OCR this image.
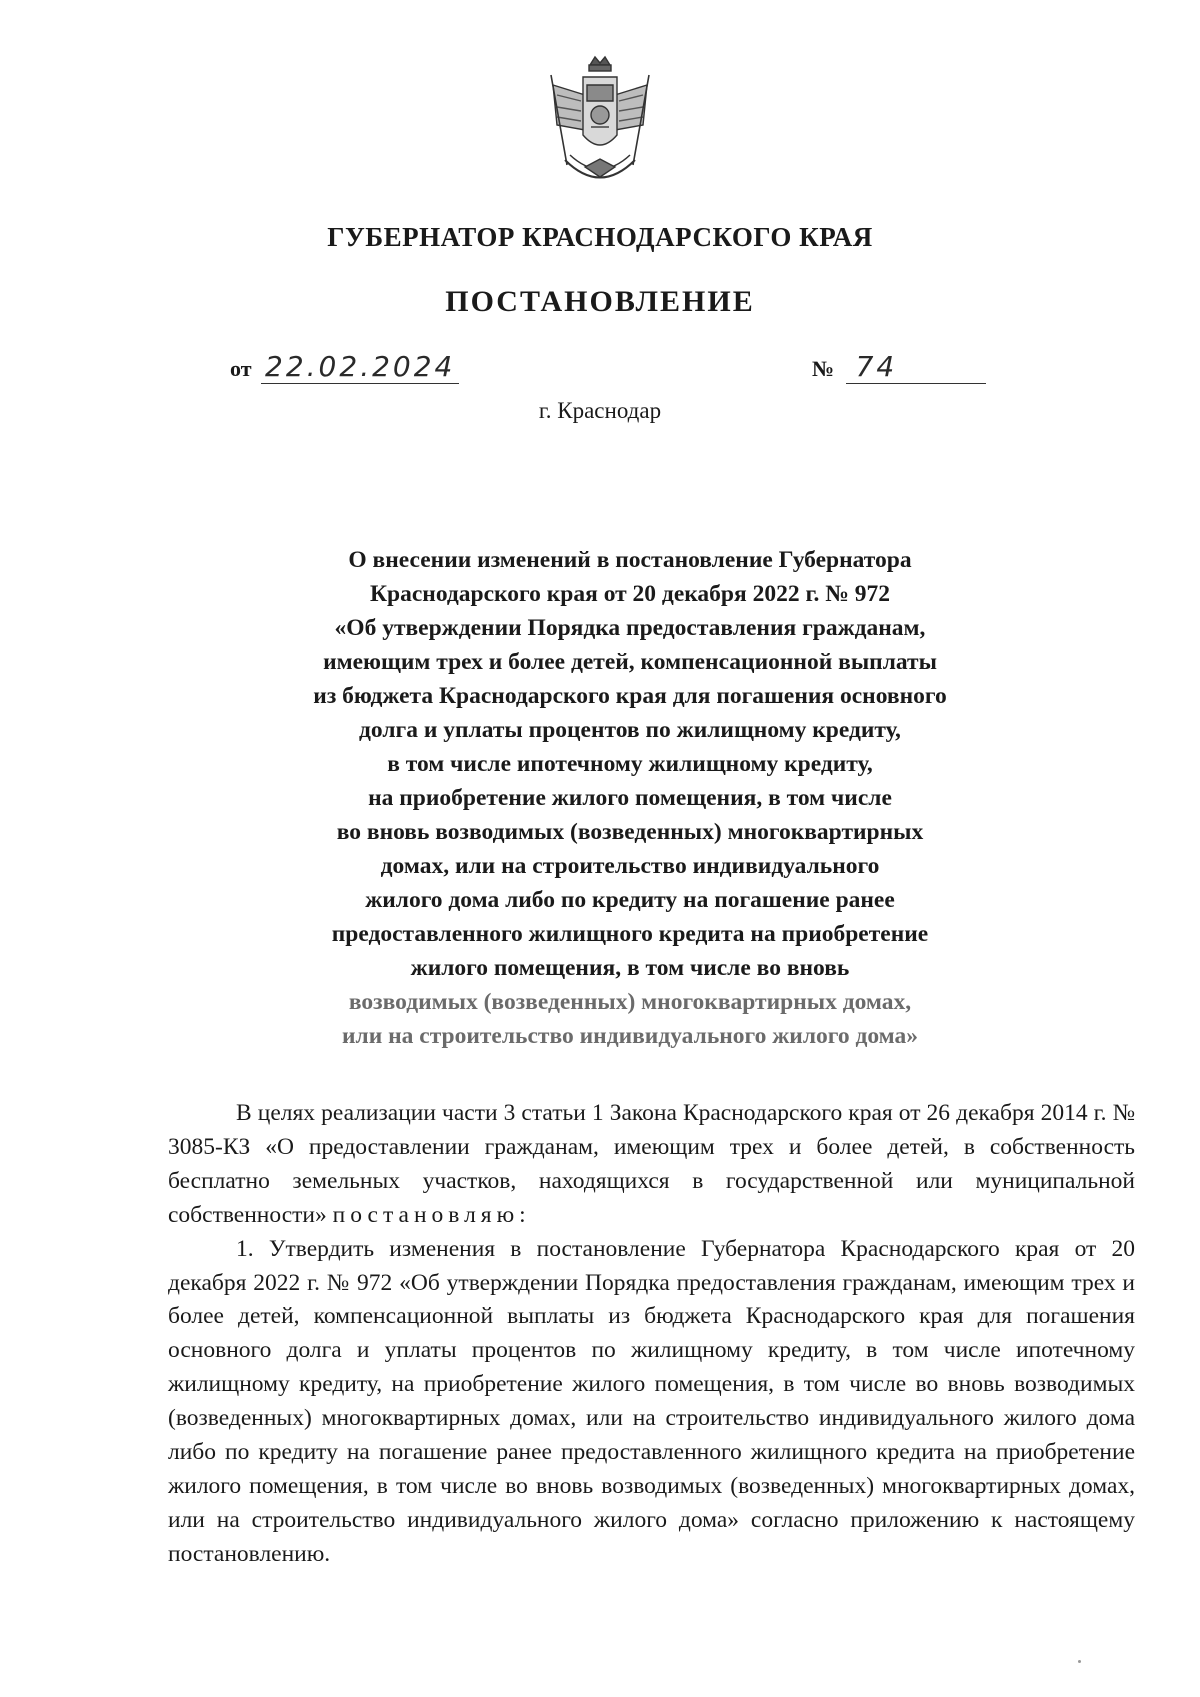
ГУБЕРНАТОР КРАСНОДАРСКОГО КРАЯ
ПОСТАНОВЛЕНИЕ
от 22.02.2024	№ 74
г. Краснодар
О внесении изменений в постановление Губернатора
Краснодарского края от 20 декабря 2022 г. № 972
«Об утверждении Порядка предоставления гражданам,
имеющим трех и более детей, компенсационной выплаты
из бюджета Краснодарского края для погашения основного
долга и уплаты процентов по жилищному кредиту,
в том числе ипотечному жилищному кредиту,
на приобретение жилого помещения, в том числе
во вновь возводимых (возведенных) многоквартирных
домах, или на строительство индивидуального
жилого дома либо по кредиту на погашение ранее
предоставленного жилищного кредита на приобретение
жилого помещения, в том числе во вновь
возводимых (возведенных) многоквартирных домах,
или на строительство индивидуального жилого дома»

В целях реализации части 3 статьи 1 Закона Краснодарского края от 26 декабря 2014 г. № 3085-КЗ «О предоставлении гражданам, имеющим трех и более детей, в собственность бесплатно земельных участков, находящихся в государственной или муниципальной собственности» постановляю:

1. Утвердить изменения в постановление Губернатора Краснодарского края от 20 декабря 2022 г. № 972 «Об утверждении Порядка предоставления гражданам, имеющим трех и более детей, компенсационной выплаты из бюджета Краснодарского края для погашения основного долга и уплаты процентов по жилищному кредиту, в том числе ипотечному жилищному кредиту, на приобретение жилого помещения, в том числе во вновь возводимых (возведенных) многоквартирных домах, или на строительство индивидуального жилого дома либо по кредиту на погашение ранее предоставленного жилищного кредита на приобретение жилого помещения, в том числе во вновь возводимых (возведенных) многоквартирных домах, или на строительство индивидуального жилого дома» согласно приложению к настоящему постановлению.
